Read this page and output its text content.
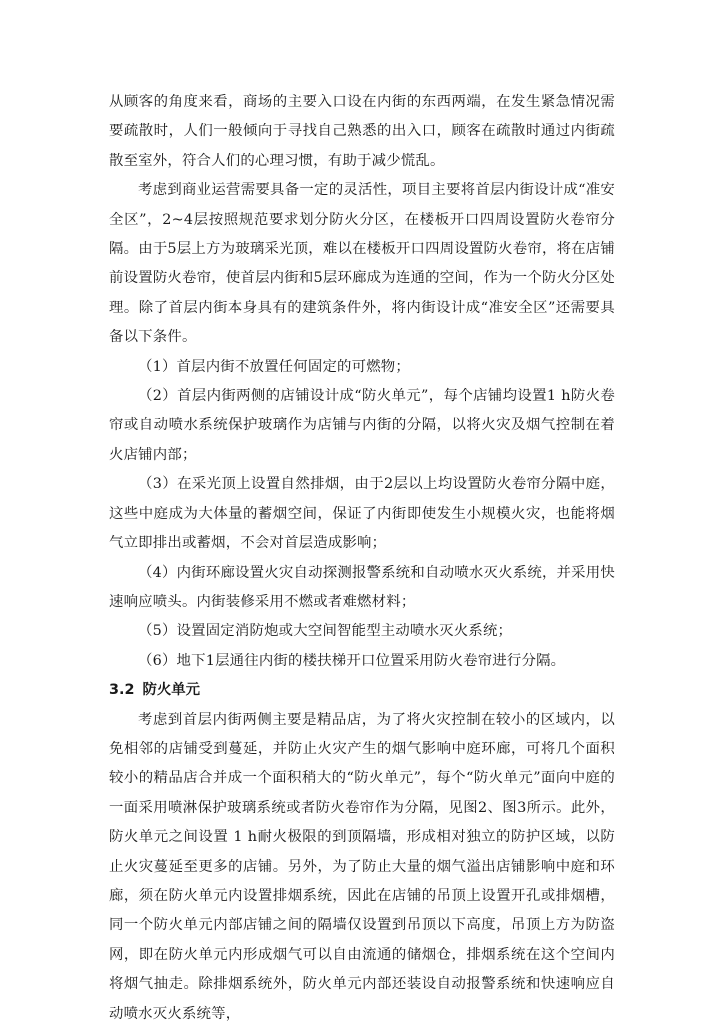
从顾客的角度来看，商场的主要入口设在内街的东西两端，在发生紧急情况需要疏散时，人们一般倾向于寻找自己熟悉的出入口，顾客在疏散时通过内街疏散至室外，符合人们的心理习惯，有助于减少慌乱。

考虑到商业运营需要具备一定的灵活性，项目主要将首层内街设计成“准安全区”，2~4层按照规范要求划分防火分区，在楼板开口四周设置防火卷帘分隔。由于5层上方为玻璃采光顶，难以在楼板开口四周设置防火卷帘，将在店铺前设置防火卷帘，使首层内街和5层环廊成为连通的空间，作为一个防火分区处理。除了首层内街本身具有的建筑条件外，将内街设计成“准安全区”还需要具备以下条件。

（1）首层内街不放置任何固定的可燃物；

（2）首层内街两侧的店铺设计成“防火单元”，每个店铺均设置1 h防火卷帘或自动喷水系统保护玻璃作为店铺与内街的分隔，以将火灾及烟气控制在着火店铺内部；

（3）在采光顶上设置自然排烟，由于2层以上均设置防火卷帘分隔中庭，这些中庭成为大体量的蓄烟空间，保证了内街即使发生小规模火灾，也能将烟气立即排出或蓄烟，不会对首层造成影响；

（4）内街环廊设置火灾自动探测报警系统和自动喷水灭火系统，并采用快速响应喷头。内街装修采用不燃或者难燃材料；

（5）设置固定消防炮或大空间智能型主动喷水灭火系统；

（6）地下1层通往内街的楼扶梯开口位置采用防火卷帘进行分隔。

3.2 防火单元

考虑到首层内街两侧主要是精品店，为了将火灾控制在较小的区域内，以免相邻的店铺受到蔓延，并防止火灾产生的烟气影响中庭环廊，可将几个面积较小的精品店合并成一个面积稍大的“防火单元”，每个“防火单元”面向中庭的一面采用喷淋保护玻璃系统或者防火卷帘作为分隔，见图2、图3所示。此外，防火单元之间设置 1 h耐火极限的到顶隔墙，形成相对独立的防护区域，以防止火灾蔓延至更多的店铺。另外，为了防止大量的烟气溢出店铺影响中庭和环廊，须在防火单元内设置排烟系统，因此在店铺的吊顶上设置开孔或排烟槽，同一个防火单元内部店铺之间的隔墙仅设置到吊顶以下高度，吊顶上方为防盗网，即在防火单元内形成烟气可以自由流通的储烟仓，排烟系统在这个空间内将烟气抽走。除排烟系统外，防火单元内部还装设自动报警系统和快速响应自动喷水灭火系统等，
